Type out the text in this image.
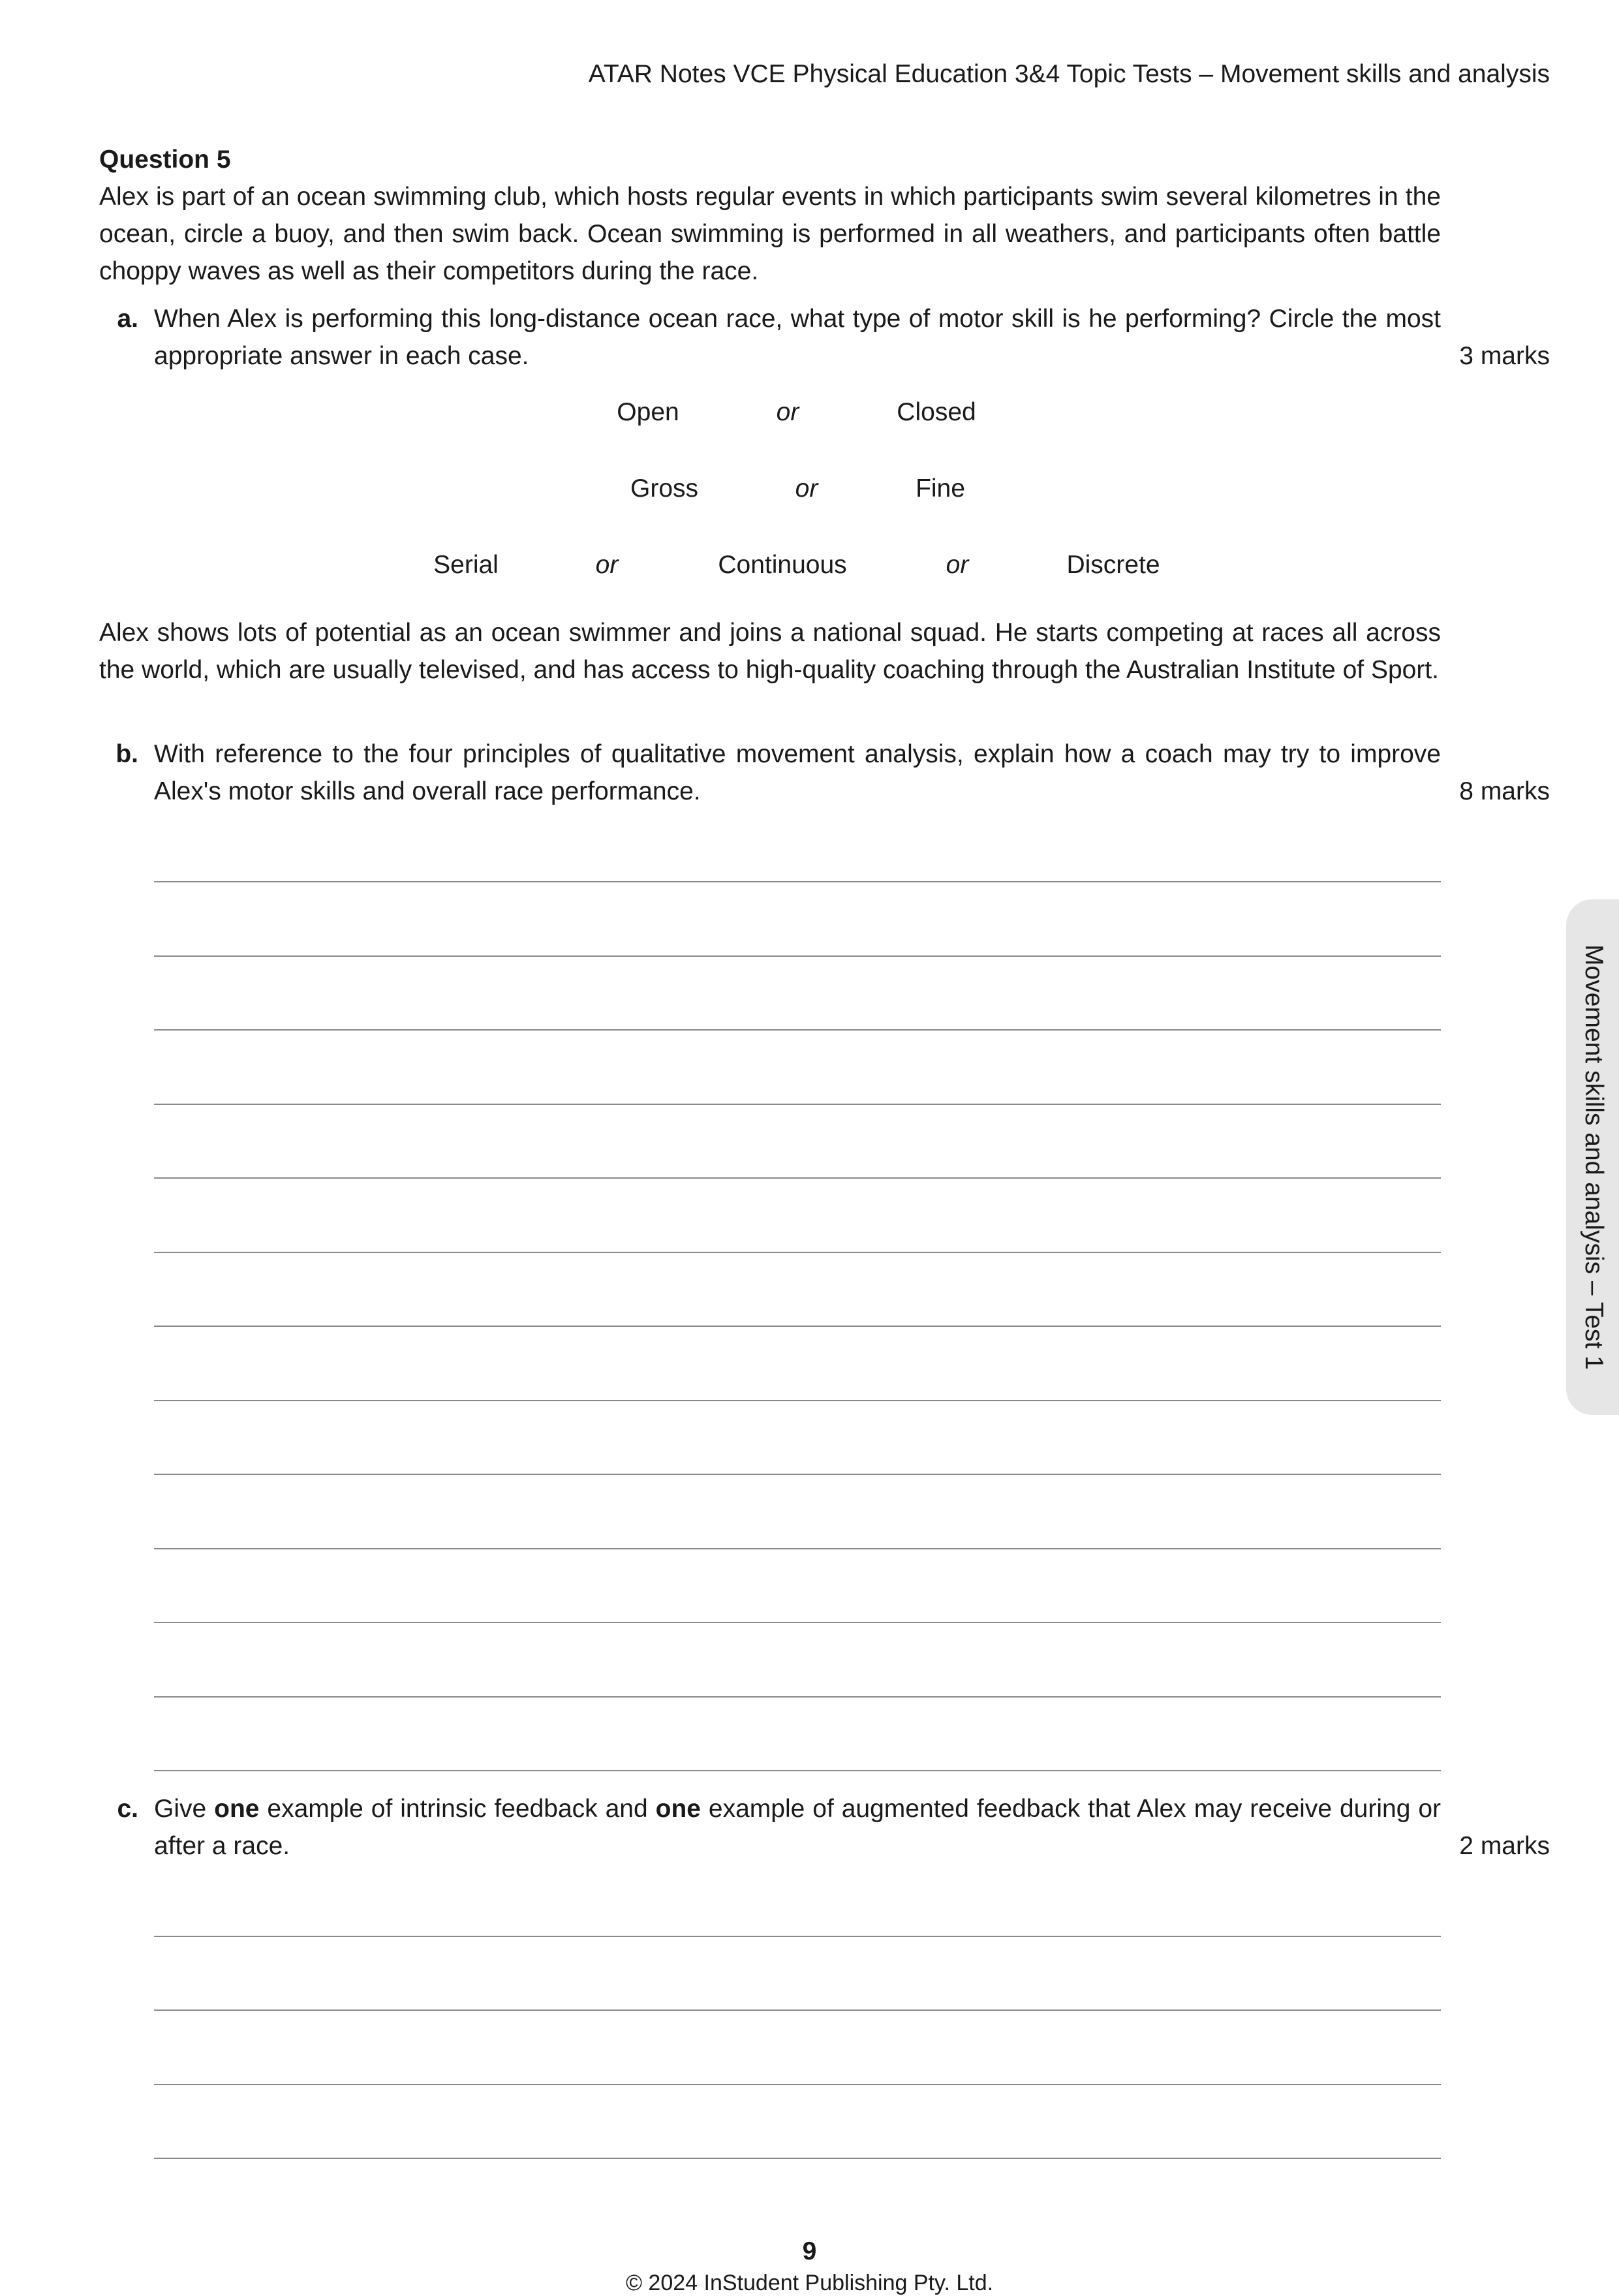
ATAR Notes VCE Physical Education 3&4 Topic Tests – Movement skills and analysis
Question 5
Alex is part of an ocean swimming club, which hosts regular events in which participants swim several kilometres in the ocean, circle a buoy, and then swim back. Ocean swimming is performed in all weathers, and participants often battle choppy waves as well as their competitors during the race.
a. When Alex is performing this long-distance ocean race, what type of motor skill is he performing? Circle the most appropriate answer in each case.	3 marks
Open	or	Closed
Gross	or	Fine
Serial	or	Continuous	or	Discrete
Alex shows lots of potential as an ocean swimmer and joins a national squad. He starts competing at races all across the world, which are usually televised, and has access to high-quality coaching through the Australian Institute of Sport.
b. With reference to the four principles of qualitative movement analysis, explain how a coach may try to improve Alex's motor skills and overall race performance.	8 marks
c. Give one example of intrinsic feedback and one example of augmented feedback that Alex may receive during or after a race.	2 marks
Movement skills and analysis – Test 1
9
© 2024 InStudent Publishing Pty. Ltd.
